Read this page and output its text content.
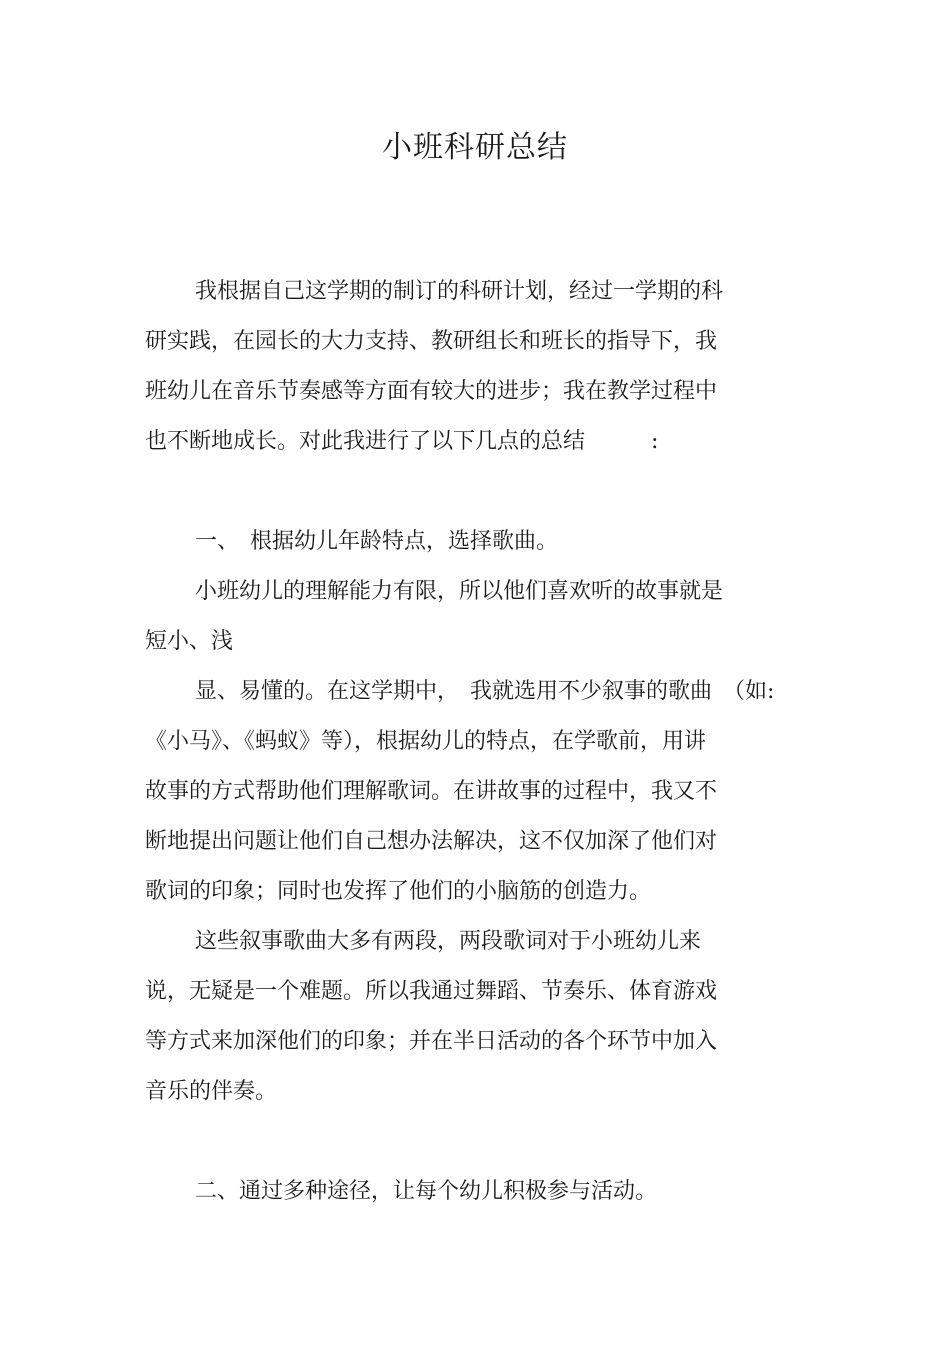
小班科研总结
我根据自己这学期的制订的科研计划，经过一学期的科
研实践，在园长的大力支持、教研组长和班长的指导下，我
班幼儿在音乐节奏感等方面有较大的进步；我在教学过程中
也不断地成长。对此我进行了以下几点的总结　　　:
一、　根据幼儿年龄特点，选择歌曲。
小班幼儿的理解能力有限，所以他们喜欢听的故事就是
短小、浅
显、易懂的。在这学期中，　我就选用不少叙事的歌曲　（如:
《小马》、《蚂蚁》等），根据幼儿的特点，在学歌前，用讲
故事的方式帮助他们理解歌词。在讲故事的过程中，我又不
断地提出问题让他们自己想办法解决，这不仅加深了他们对
歌词的印象；同时也发挥了他们的小脑筋的创造力。
这些叙事歌曲大多有两段，两段歌词对于小班幼儿来
说，无疑是一个难题。所以我通过舞蹈、节奏乐、体育游戏
等方式来加深他们的印象；并在半日活动的各个环节中加入
音乐的伴奏。
二、通过多种途径，让每个幼儿积极参与活动。
